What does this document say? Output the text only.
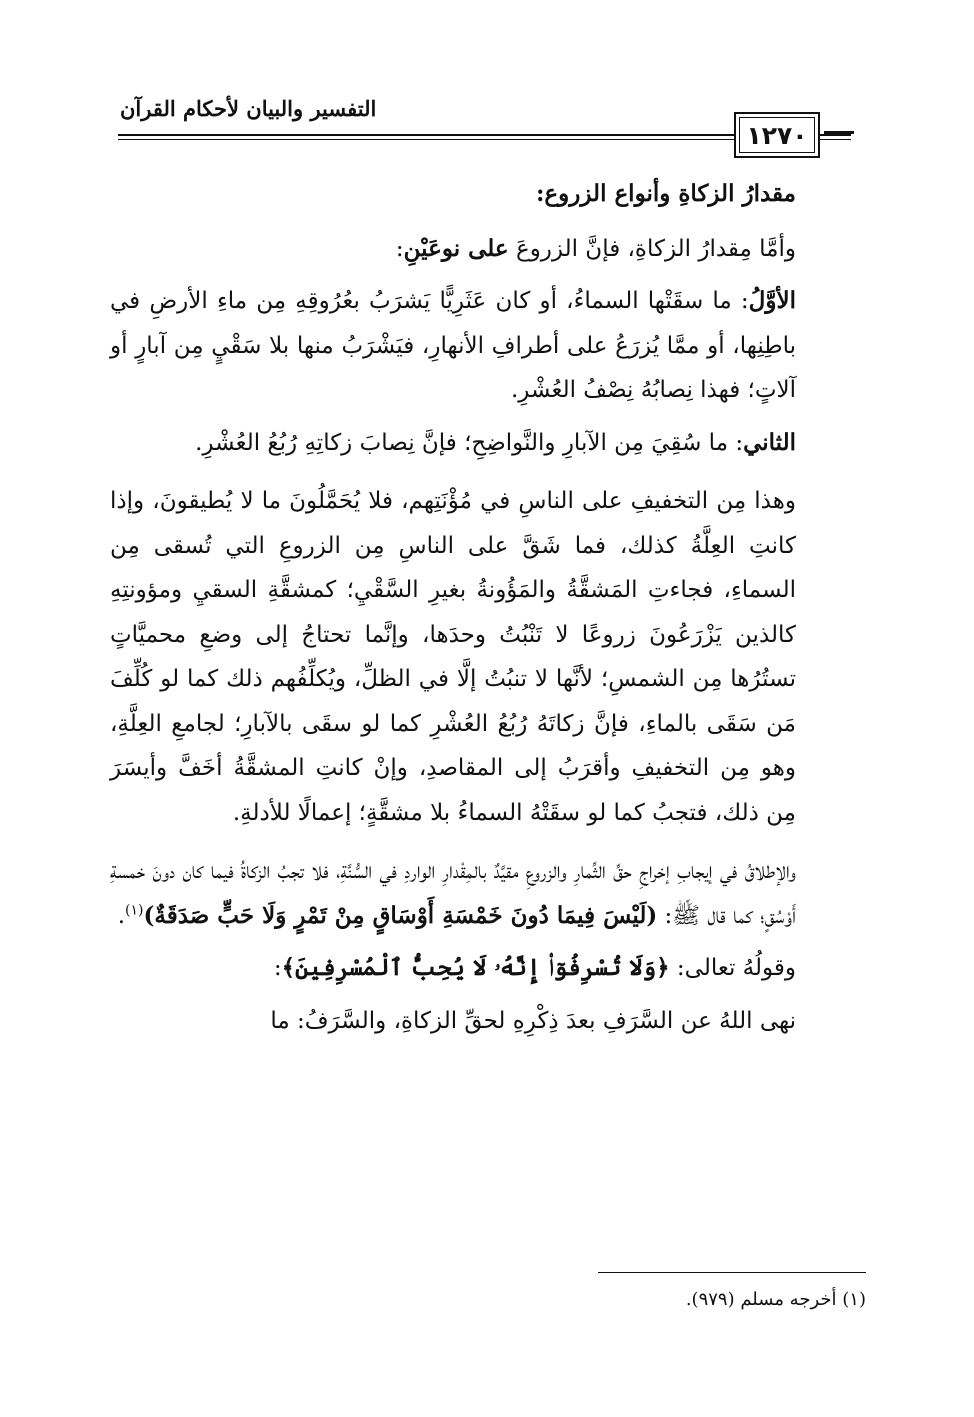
التفسير والبيان لأحكام القرآن
١٢٧٠

مقدارُ الزكاةِ وأنواع الزروع:

وأمَّا مِقدارُ الزكاةِ، فإنَّ الزروعَ على نوعَيْنِ:

الأوَّلُ: ما سقَتْها السماءُ، أو كان عَثَرِيًّا يَشرَبُ بعُرُوقِهِ مِن ماءِ الأرضِ في باطِنِها، أو ممَّا يُزرَعُ على أطرافِ الأنهارِ، فيَشْرَبُ منها بلا سَقْيٍ مِن آبارٍ أو آلاتٍ؛ فهذا نِصابُهُ نِصْفُ العُشْرِ.

الثاني: ما سُقِيَ مِن الآبارِ والنَّواضِحِ؛ فإنَّ نِصابَ زكاتِهِ رُبُعُ العُشْرِ.

وهذا مِن التخفيفِ على الناسِ في مُؤْنَتِهم، فلا يُحَمَّلُونَ ما لا يُطيقونَ، وإذا كانتِ العِلَّةُ كذلك، فما شَقَّ على الناسِ مِن الزروعِ التي تُسقى مِن السماءِ، فجاءتِ المَشقَّةُ والمَؤُونةُ بغيرِ السَّقْيِ؛ كمشقَّةِ السقيِ ومؤونتِهِ كالذين يَزْرَعُونَ زروعًا لا تَنْبُتُ وحدَها، وإنَّما تحتاجُ إلى وضعِ محميَّاتٍ تستُرُها مِن الشمسِ؛ لأنَّها لا تنبُتُ إلَّا في الظلِّ، ويُكلِّفُهم ذلك كما لو كُلِّفَ مَن سَقَى بالماءِ، فإنَّ زكاتَهُ رُبُعُ العُشْرِ كما لو سقَى بالآبارِ؛ لجامعِ العِلَّةِ، وهو مِن التخفيفِ وأقرَبُ إلى المقاصدِ، وإنْ كانتِ المشقَّةُ أخَفَّ وأيسَرَ مِن ذلك، فتجبُ كما لو سقَتْهُ السماءُ بلا مشقَّةٍ؛ إعمالًا للأدلةِ.

والإطلاقُ في إيجابِ إخراجِ حقِّ الثِّمارِ والزروعِ مقيَّدٌ بالمِقْدارِ الواردِ في السُّنَّةِ، فلا تجبُ الزكاةُ فيما كان دونَ خمسةِ أَوْسُقٍ؛ كما قال ﷺ: (لَيْسَ فِيمَا دُونَ خَمْسَةِ أَوْسَاقٍ مِنْ تَمْرٍ وَلَا حَبٍّ صَدَقَةٌ)$^{(١)}$.

وقولُهُ تعالى: ﴿وَلَا تُسْرِفُوٓا۟ إِنَّهُۥ لَا يُحِبُّ ٱلْمُسْرِفِينَ﴾:

نهى اللهُ عن السَّرَفِ بعدَ ذِكْرِهِ لحقِّ الزكاةِ، والسَّرَفُ: ما

(١) أخرجه مسلم (٩٧٩).
